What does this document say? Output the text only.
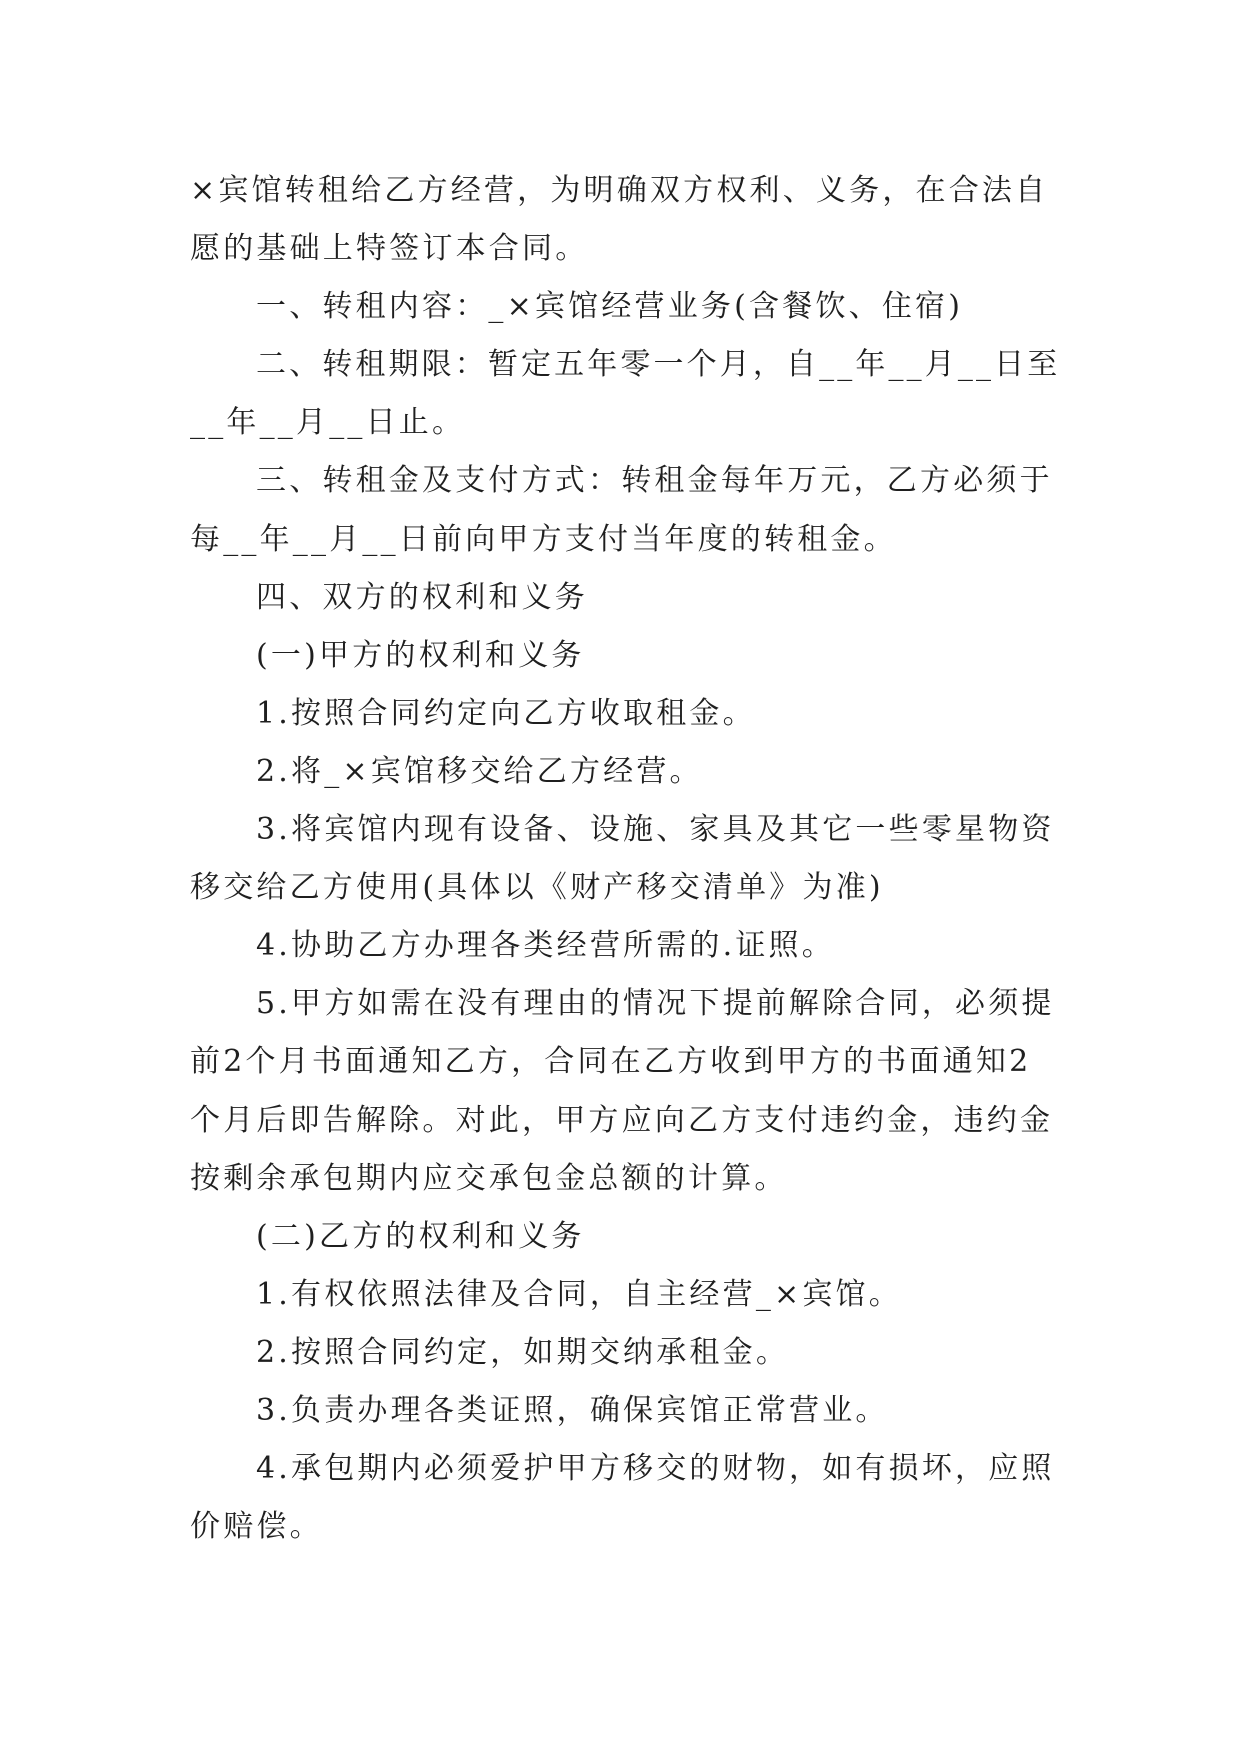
×宾馆转租给乙方经营，为明确双方权利、义务，在合法自
愿的基础上特签订本合同。
一、转租内容：_×宾馆经营业务(含餐饮、住宿)
二、转租期限：暂定五年零一个月，自__年__月__日至
__年__月__日止。
三、转租金及支付方式：转租金每年万元，乙方必须于
每__年__月__日前向甲方支付当年度的转租金。
四、双方的权利和义务
(一)甲方的权利和义务
1.按照合同约定向乙方收取租金。
2.将_×宾馆移交给乙方经营。
3.将宾馆内现有设备、设施、家具及其它一些零星物资
移交给乙方使用(具体以《财产移交清单》为准)
4.协助乙方办理各类经营所需的.证照。
5.甲方如需在没有理由的情况下提前解除合同，必须提
前2个月书面通知乙方，合同在乙方收到甲方的书面通知2
个月后即告解除。对此，甲方应向乙方支付违约金，违约金
按剩余承包期内应交承包金总额的计算。
(二)乙方的权利和义务
1.有权依照法律及合同，自主经营_×宾馆。
2.按照合同约定，如期交纳承租金。
3.负责办理各类证照，确保宾馆正常营业。
4.承包期内必须爱护甲方移交的财物，如有损坏，应照
价赔偿。
